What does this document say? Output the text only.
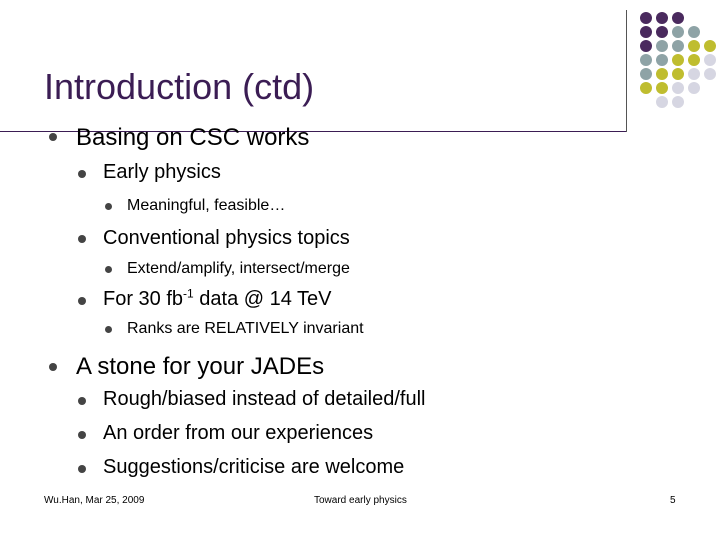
Introduction (ctd)
Basing on CSC works
Early physics
Meaningful, feasible…
Conventional physics topics
Extend/amplify, intersect/merge
For 30 $fb^{-1}$ data @ 14 TeV
Ranks are RELATIVELY invariant
A stone for your JADEs
Rough/biased instead of detailed/full
An order from our experiences
Suggestions/criticise are welcome
Wu.Han, Mar 25, 2009	Toward early physics	5
